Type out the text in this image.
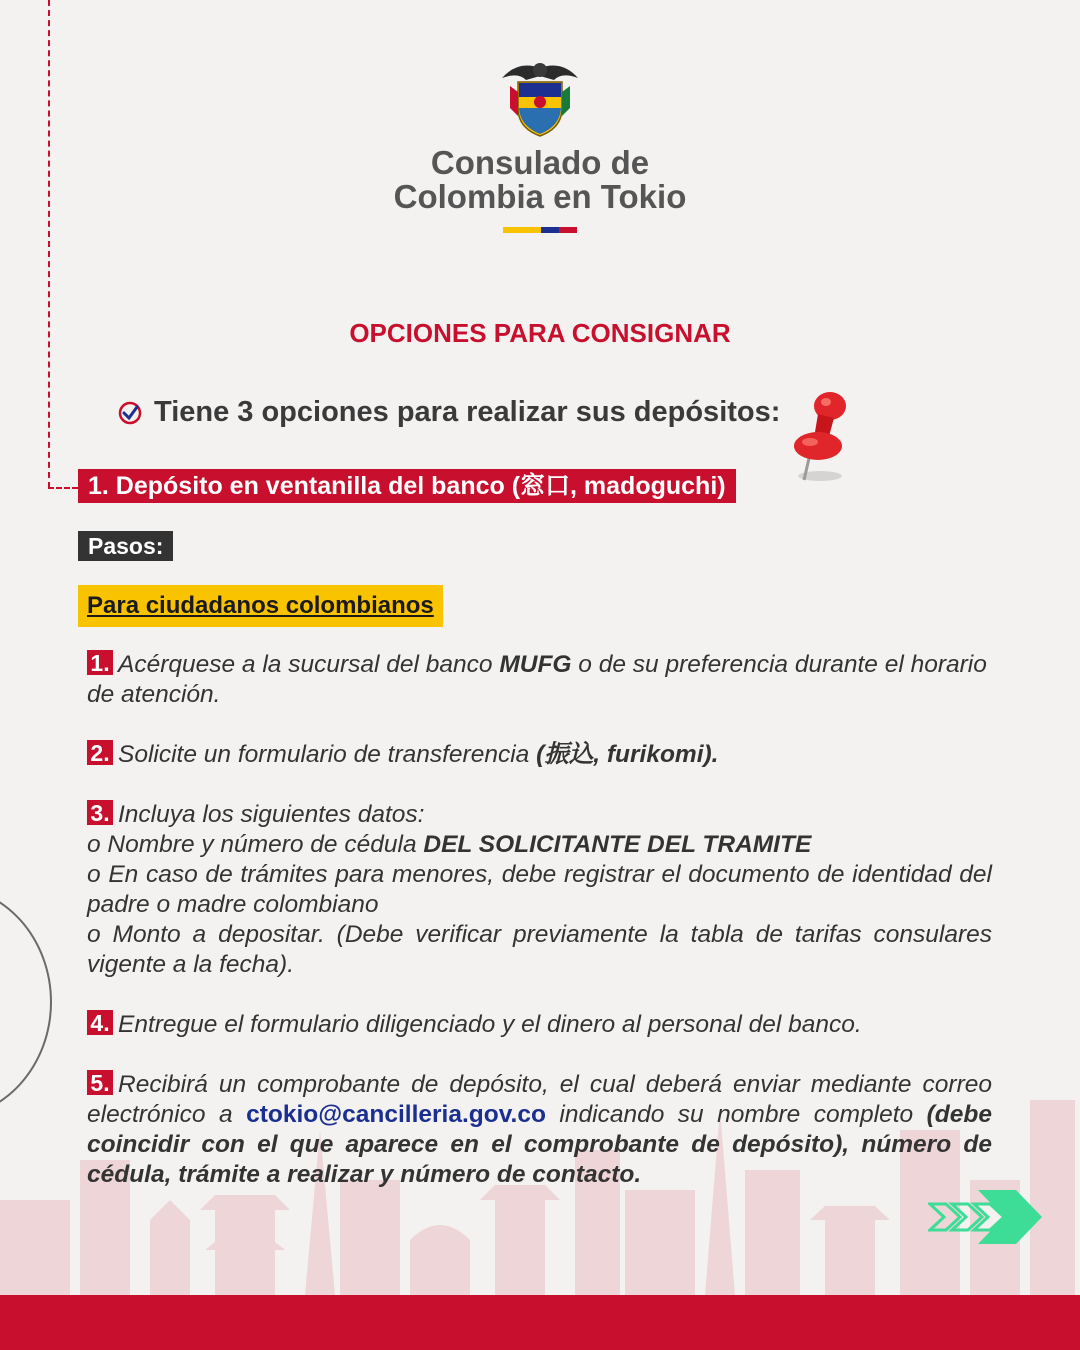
Consulado de
Colombia en Tokio
OPCIONES PARA CONSIGNAR
Tiene 3 opciones para realizar sus depósitos:
1. Depósito en ventanilla del banco (窓口, madoguchi)
Pasos:
Para ciudadanos colombianos
1. Acérquese a la sucursal del banco MUFG o de su preferencia durante el horario de atención.
2. Solicite un formulario de transferencia (振込, furikomi).
3. Incluya los siguientes datos:
o Nombre y número de cédula DEL SOLICITANTE DEL TRAMITE
o En caso de trámites para menores, debe registrar el documento de identidad del padre o madre colombiano
o Monto a depositar. (Debe verificar previamente la tabla de tarifas consulares vigente a la fecha).
4. Entregue el formulario diligenciado y el dinero al personal del banco.
5. Recibirá un comprobante de depósito, el cual deberá enviar mediante correo electrónico a ctokio@cancilleria.gov.co indicando su nombre completo (debe coincidir con el que aparece en el comprobante de depósito), número de cédula, trámite a realizar y número de contacto.
